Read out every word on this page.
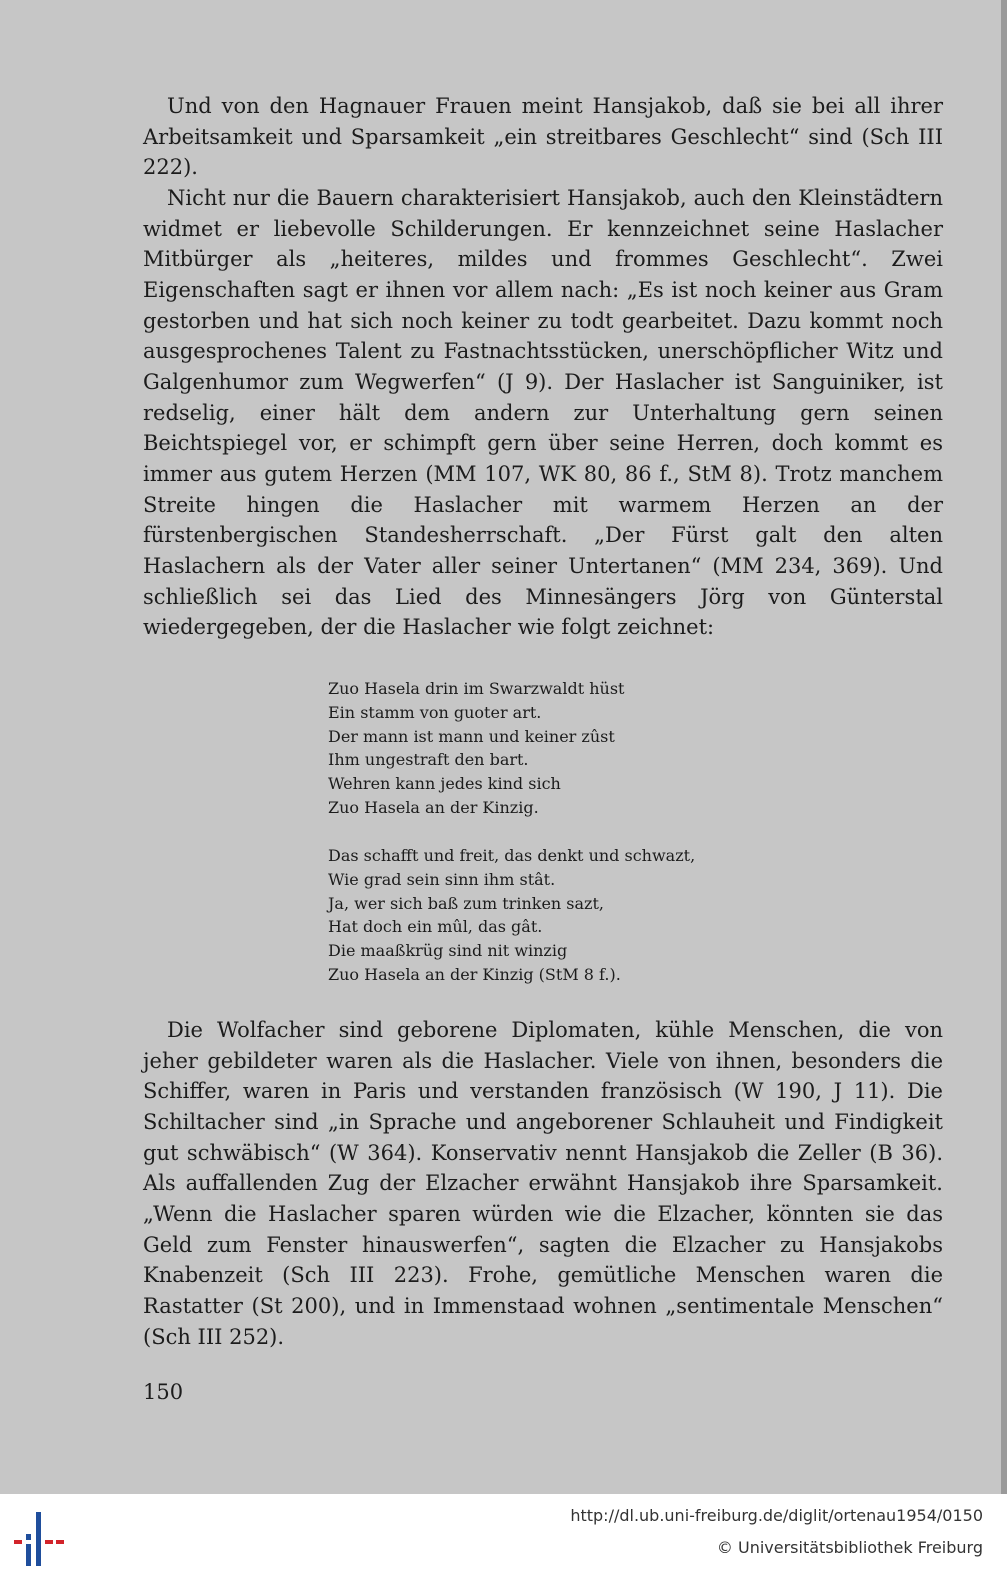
Und von den Hagnauer Frauen meint Hansjakob, daß sie bei all ihrer Arbeitsamkeit und Sparsamkeit „ein streitbares Geschlecht“ sind (Sch III 222).

Nicht nur die Bauern charakterisiert Hansjakob, auch den Kleinstädtern widmet er liebevolle Schilderungen. Er kennzeichnet seine Haslacher Mitbürger als „heiteres, mildes und frommes Geschlecht“. Zwei Eigenschaften sagt er ihnen vor allem nach: „Es ist noch keiner aus Gram gestorben und hat sich noch keiner zu todt gearbeitet. Dazu kommt noch ausgesprochenes Talent zu Fastnachtsstücken, unerschöpflicher Witz und Galgenhumor zum Wegwerfen“ (J 9). Der Haslacher ist Sanguiniker, ist redselig, einer hält dem andern zur Unterhaltung gern seinen Beichtspiegel vor, er schimpft gern über seine Herren, doch kommt es immer aus gutem Herzen (MM 107, WK 80, 86 f., StM 8). Trotz manchem Streite hingen die Haslacher mit warmem Herzen an der fürstenbergischen Standesherrschaft. „Der Fürst galt den alten Haslachern als der Vater aller seiner Untertanen“ (MM 234, 369). Und schließlich sei das Lied des Minnesängers Jörg von Günterstal wiedergegeben, der die Haslacher wie folgt zeichnet:

Zuo Hasela drin im Swarzwaldt hüst
Ein stamm von guoter art.
Der mann ist mann und keiner zûst
Ihm ungestraft den bart.
Wehren kann jedes kind sich
Zuo Hasela an der Kinzig.
Das schafft und freit, das denkt und schwazt,
Wie grad sein sinn ihm stât.
Ja, wer sich baß zum trinken sazt,
Hat doch ein mûl, das gât.
Die maaßkrüg sind nit winzig
Zuo Hasela an der Kinzig (StM 8 f.).

Die Wolfacher sind geborene Diplomaten, kühle Menschen, die von jeher gebildeter waren als die Haslacher. Viele von ihnen, besonders die Schiffer, waren in Paris und verstanden französisch (W 190, J 11). Die Schiltacher sind „in Sprache und angeborener Schlauheit und Findigkeit gut schwäbisch“ (W 364). Konservativ nennt Hansjakob die Zeller (B 36). Als auffallenden Zug der Elzacher erwähnt Hansjakob ihre Sparsamkeit. „Wenn die Haslacher sparen würden wie die Elzacher, könnten sie das Geld zum Fenster hinauswerfen“, sagten die Elzacher zu Hansjakobs Knabenzeit (Sch III 223). Frohe, gemütliche Menschen waren die Rastatter (St 200), und in Immenstaad wohnen „sentimentale Menschen“ (Sch III 252).

150
http://dl.ub.uni-freiburg.de/diglit/ortenau1954/0150
© Universitätsbibliothek Freiburg
